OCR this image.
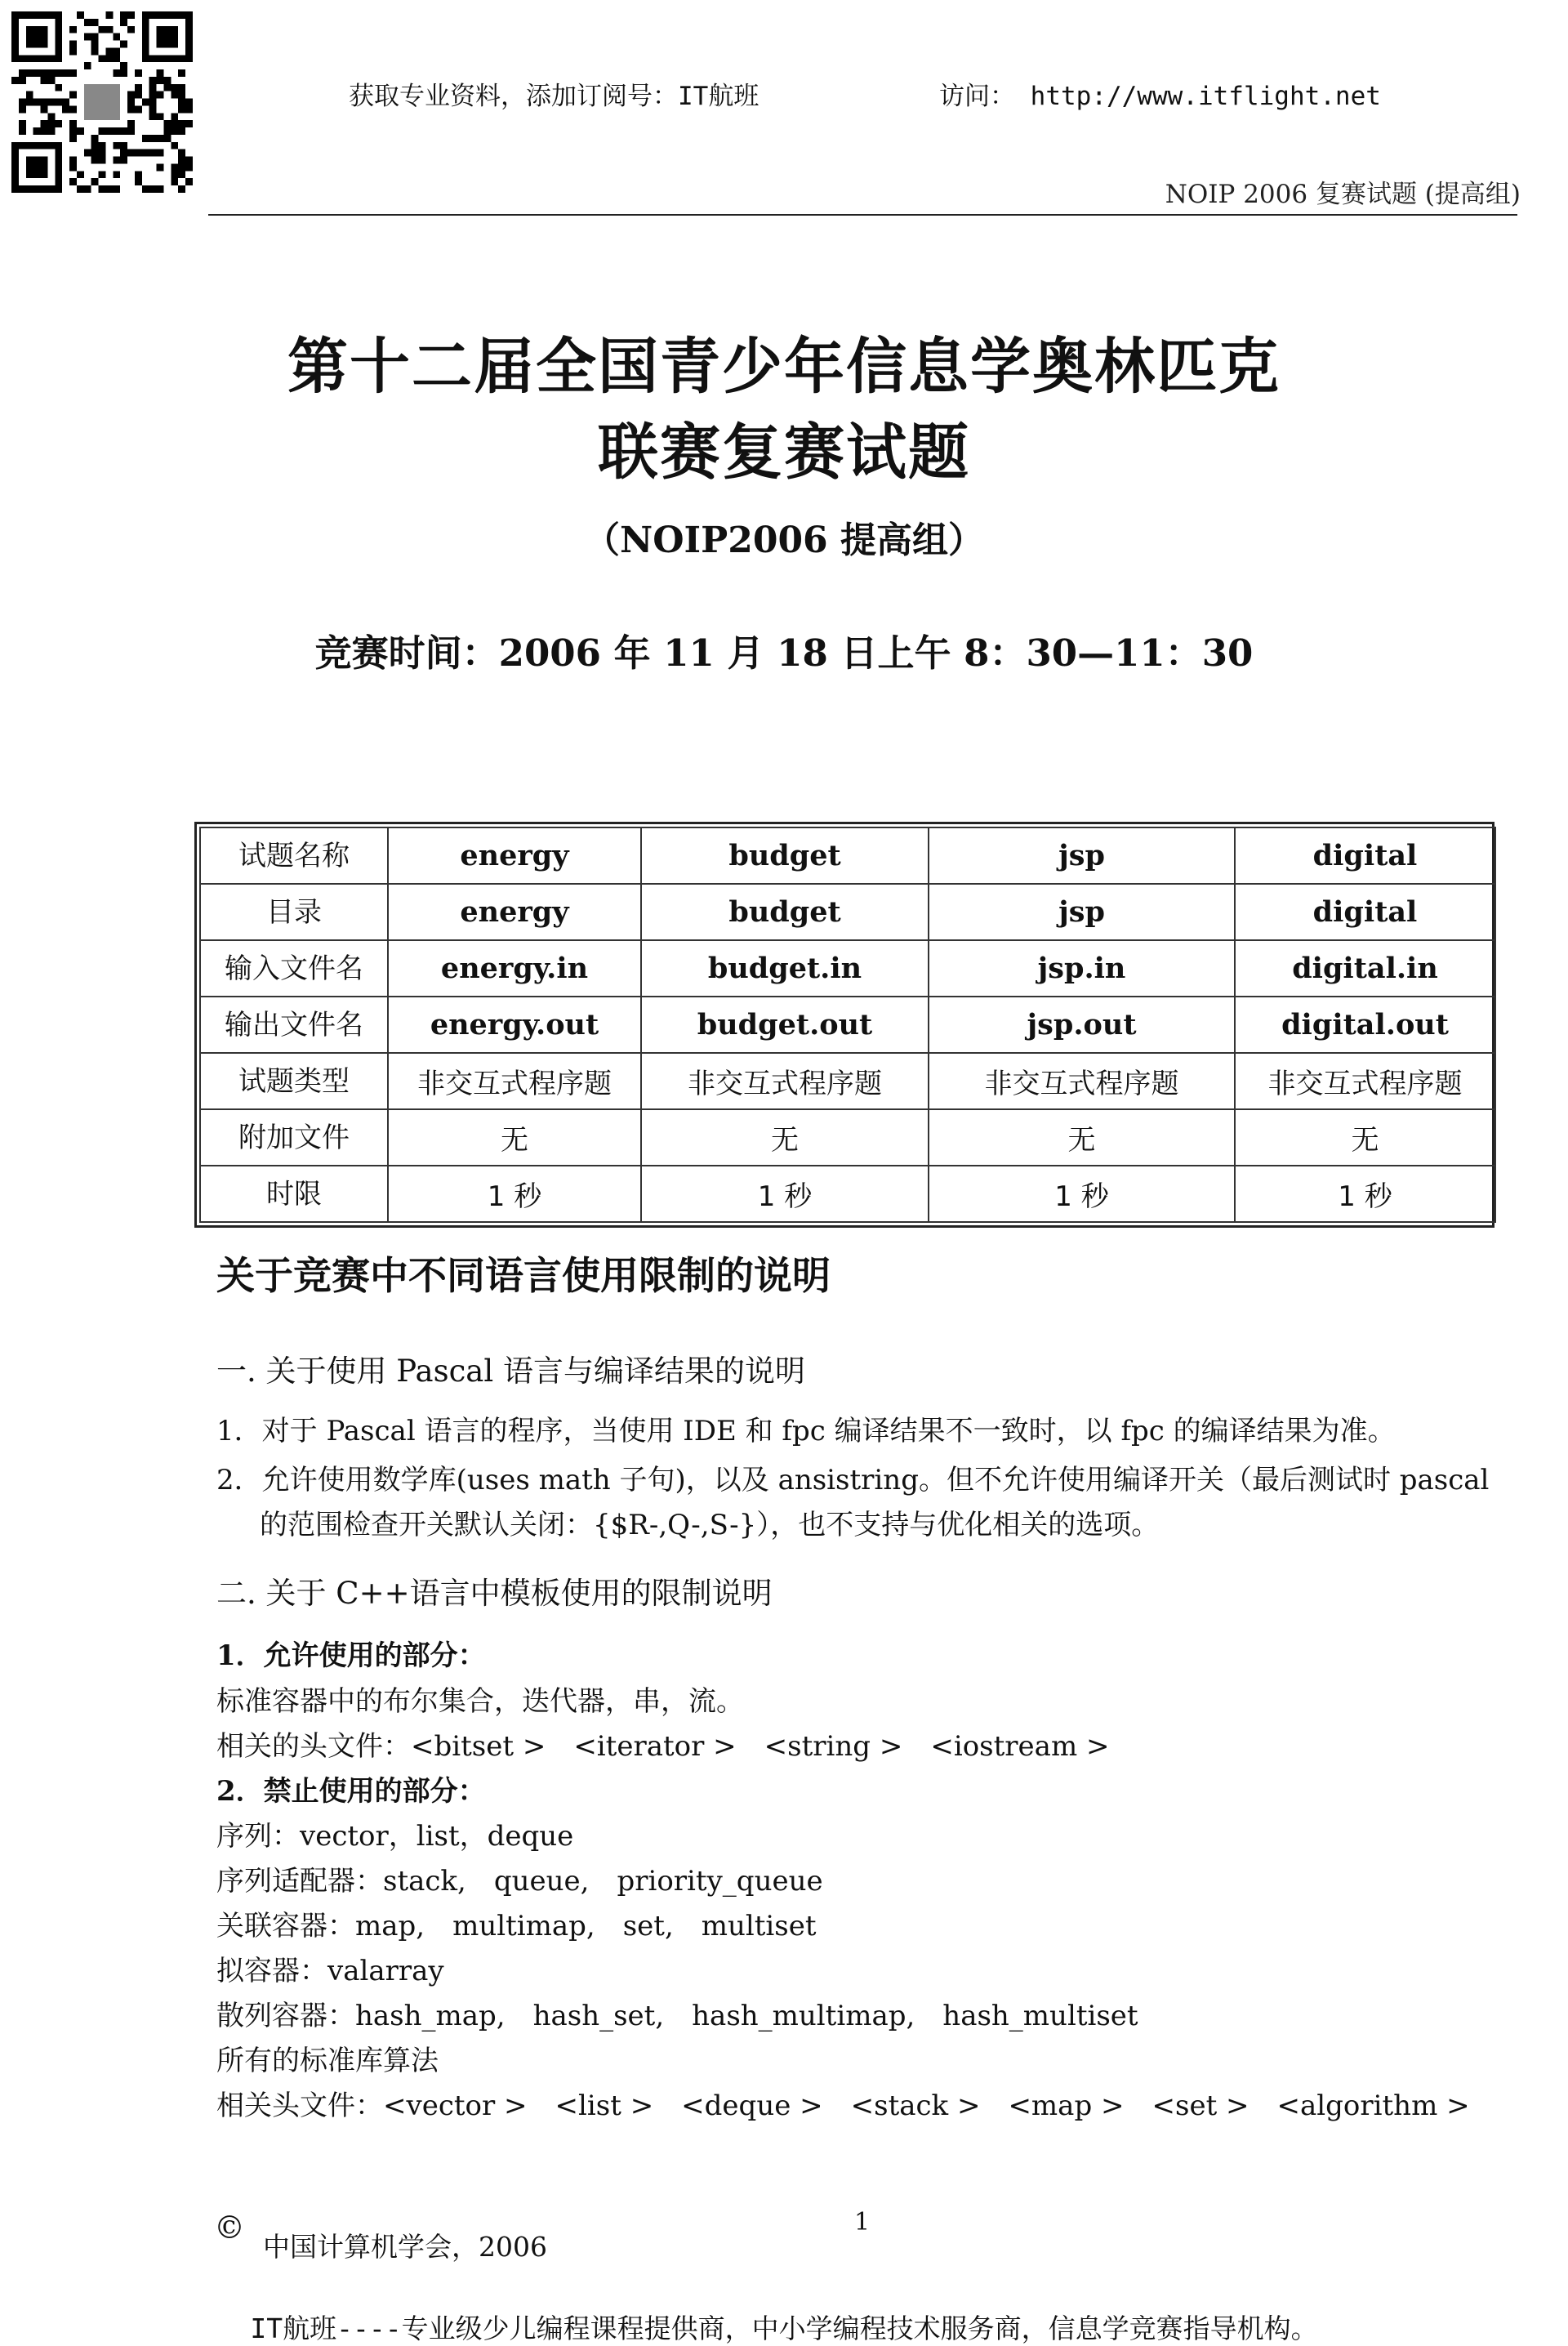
获取专业资料，添加订阅号：IT航班	访问： http://www.itflight.net
NOIP 2006 复赛试题 (提高组)
第十二届全国青少年信息学奥林匹克
联赛复赛试题
（NOIP2006 提高组）
竞赛时间：2006 年 11 月 18 日上午 8：30—11：30
试题名称	energy	budget	jsp	digital
目录	energy	budget	jsp	digital
输入文件名	energy.in	budget.in	jsp.in	digital.in
输出文件名	energy.out	budget.out	jsp.out	digital.out
试题类型	非交互式程序题	非交互式程序题	非交互式程序题	非交互式程序题
附加文件	无	无	无	无
时限	1 秒	1 秒	1 秒	1 秒
关于竞赛中不同语言使用限制的说明
一. 关于使用 Pascal 语言与编译结果的说明
1．对于 Pascal 语言的程序，当使用 IDE 和 fpc 编译结果不一致时，以 fpc 的编译结果为准。
2．允许使用数学库(uses math 子句)，以及 ansistring。但不允许使用编译开关（最后测试时 pascal
的范围检查开关默认关闭：{$R-,Q-,S-}），也不支持与优化相关的选项。
二. 关于 C++语言中模板使用的限制说明
1．允许使用的部分：
标准容器中的布尔集合，迭代器，串，流。
相关的头文件：<bitset >　<iterator >　<string >　<iostream >
2．禁止使用的部分：
序列：vector，list，deque
序列适配器：stack,　queue,　priority_queue
关联容器：map,　multimap,　set,　multiset
拟容器：valarray
散列容器：hash_map,　hash_set,　hash_multimap,　hash_multiset
所有的标准库算法
相关头文件：<vector >　<list >　<deque >　<stack >　<map >　<set >　<algorithm >
1
©
中国计算机学会，2006
IT航班----专业级少儿编程课程提供商，中小学编程技术服务商，信息学竞赛指导机构。
